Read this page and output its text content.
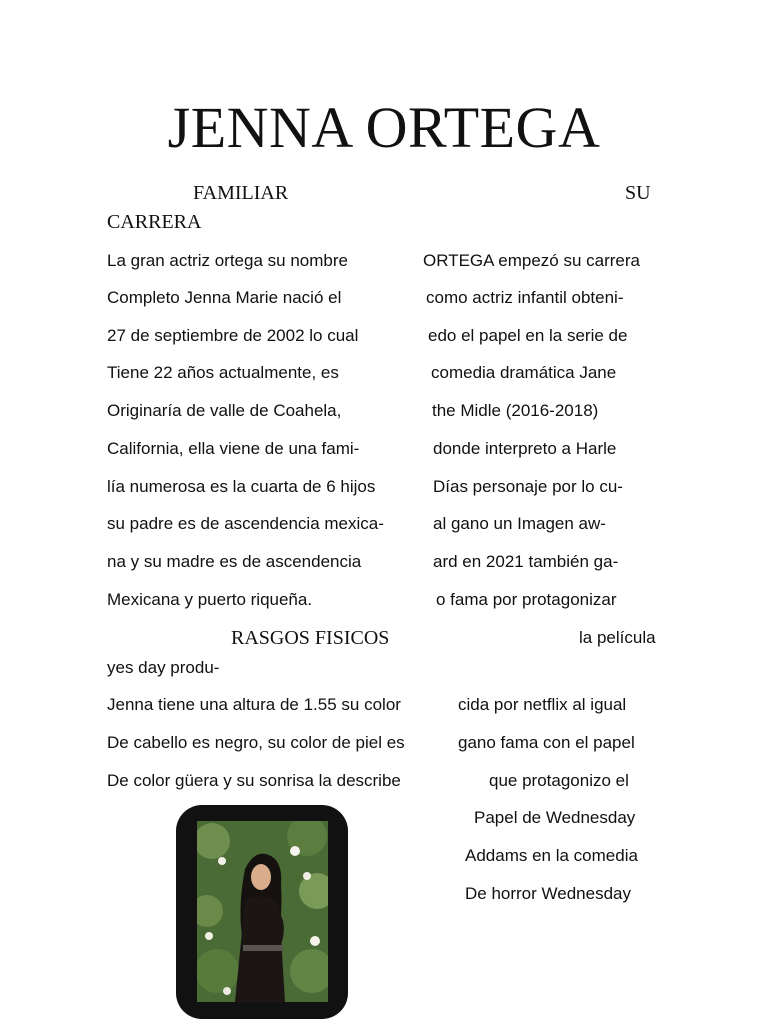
JENNA ORTEGA
FAMILIAR	SU
CARRERA
La gran actriz ortega su nombre
Completo Jenna Marie nació el
27 de septiembre de 2002 lo cual
Tiene 22 años actualmente, es
Originaría de valle de Coahela,
California, ella viene de una fami-
lía numerosa es la cuarta de 6 hijos
su padre es de ascendencia mexica-
na y su madre es de ascendencia
Mexicana y puerto riqueña.
ORTEGA empezó su carrera
como actriz infantil obteni-
edo el papel en la serie de
comedia dramática Jane
the Midle (2016-2018)
donde interpreto a Harle
Días personaje por lo cu-
al gano un Imagen aw-
ard en 2021 también ga-
o fama por protagonizar
RASGOS FISICOS	la película
yes day produ-
Jenna tiene una altura de 1.55 su color
De cabello es negro, su color de piel es
De color güera y su sonrisa la describe
cida por netflix al igual
gano fama con el papel
que protagonizo el
Papel de Wednesday
Addams en la comedia
De horror Wednesday
